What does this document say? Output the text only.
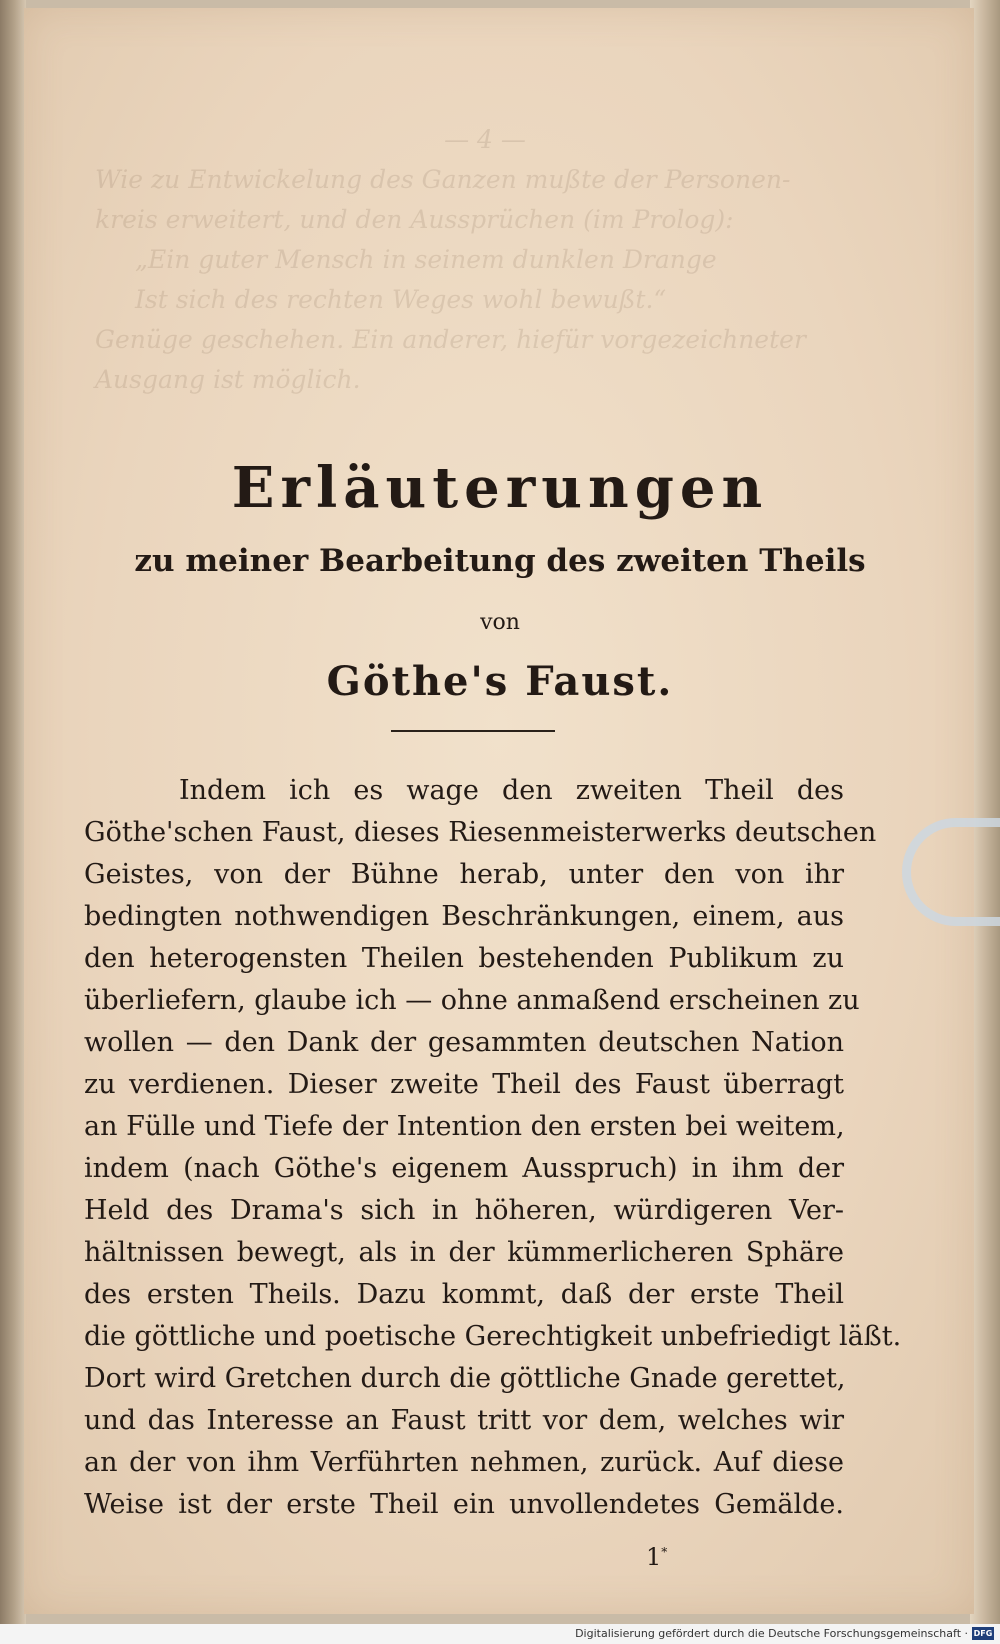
Erläuterungen

zu meiner Bearbeitung des zweiten Theils

von

Göthe's Faust.

Indem ich es wage den zweiten Theil des
Göthe'schen Faust, dieses Riesenmeisterwerks deutschen
Geistes, von der Bühne herab, unter den von ihr
bedingten nothwendigen Beschränkungen, einem, aus
den heterogensten Theilen bestehenden Publikum zu
überliefern, glaube ich — ohne anmaßend erscheinen zu
wollen — den Dank der gesammten deutschen Nation
zu verdienen. Dieser zweite Theil des Faust überragt
an Fülle und Tiefe der Intention den ersten bei weitem,
indem (nach Göthe's eigenem Ausspruch) in ihm der
Held des Drama's sich in höheren, würdigeren Ver-
hältnissen bewegt, als in der kümmerlicheren Sphäre
des ersten Theils. Dazu kommt, daß der erste Theil
die göttliche und poetische Gerechtigkeit unbefriedigt läßt.
Dort wird Gretchen durch die göttliche Gnade gerettet,
und das Interesse an Faust tritt vor dem, welches wir
an der von ihm Verführten nehmen, zurück. Auf diese
Weise ist der erste Theil ein unvollendetes Gemälde.

1*

Digitalisierung gefördert durch die Deutsche Forschungsgemeinschaft · DFG
